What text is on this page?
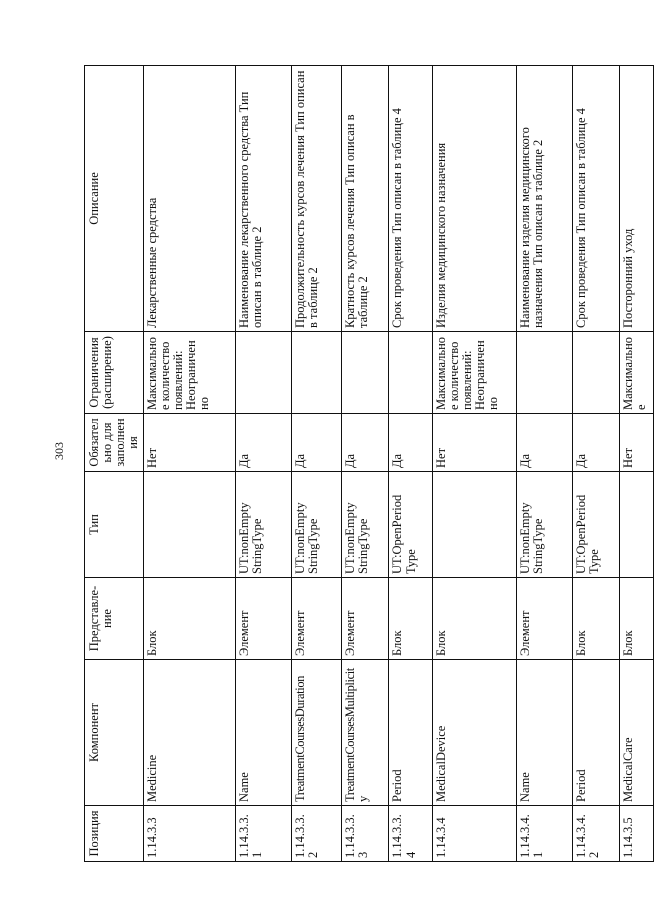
303
Позиция	Компонент	Представле-ние	Тип	Обязательно для заполнения	Ограничения (расширение)	Описание
1.14.3.3	Medicine	Блок		Нет	Максимальное количество появлений: Неограниченно	Лекарственные средства
1.14.3.3.1	Name	Элемент	UT:nonEmpty StringType	Да		Наименование лекарственного средства Тип описан в таблице 2
1.14.3.3.2	TreatmentCoursesDuration	Элемент	UT:nonEmpty StringType	Да		Продолжительность курсов лечения Тип описан в таблице 2
1.14.3.3.3	TreatmentCoursesMultiplicity	Элемент	UT:nonEmpty StringType	Да		Кратность курсов лечения Тип описан в таблице 2
1.14.3.3.4	Period	Блок	UT:OpenPeriod Type	Да		Срок проведения Тип описан в таблице 4
1.14.3.4	MedicalDevice	Блок		Нет	Максимальное количество появлений: Неограниченно	Изделия медицинского назначения
1.14.3.4.1	Name	Элемент	UT:nonEmpty StringType	Да		Наименование изделия медицинского назначения Тип описан в таблице 2
1.14.3.4.2	Period	Блок	UT:OpenPeriod Type	Да		Срок проведения Тип описан в таблице 4
1.14.3.5	MedicalCare	Блок		Нет	Максимальное	Посторонний уход
